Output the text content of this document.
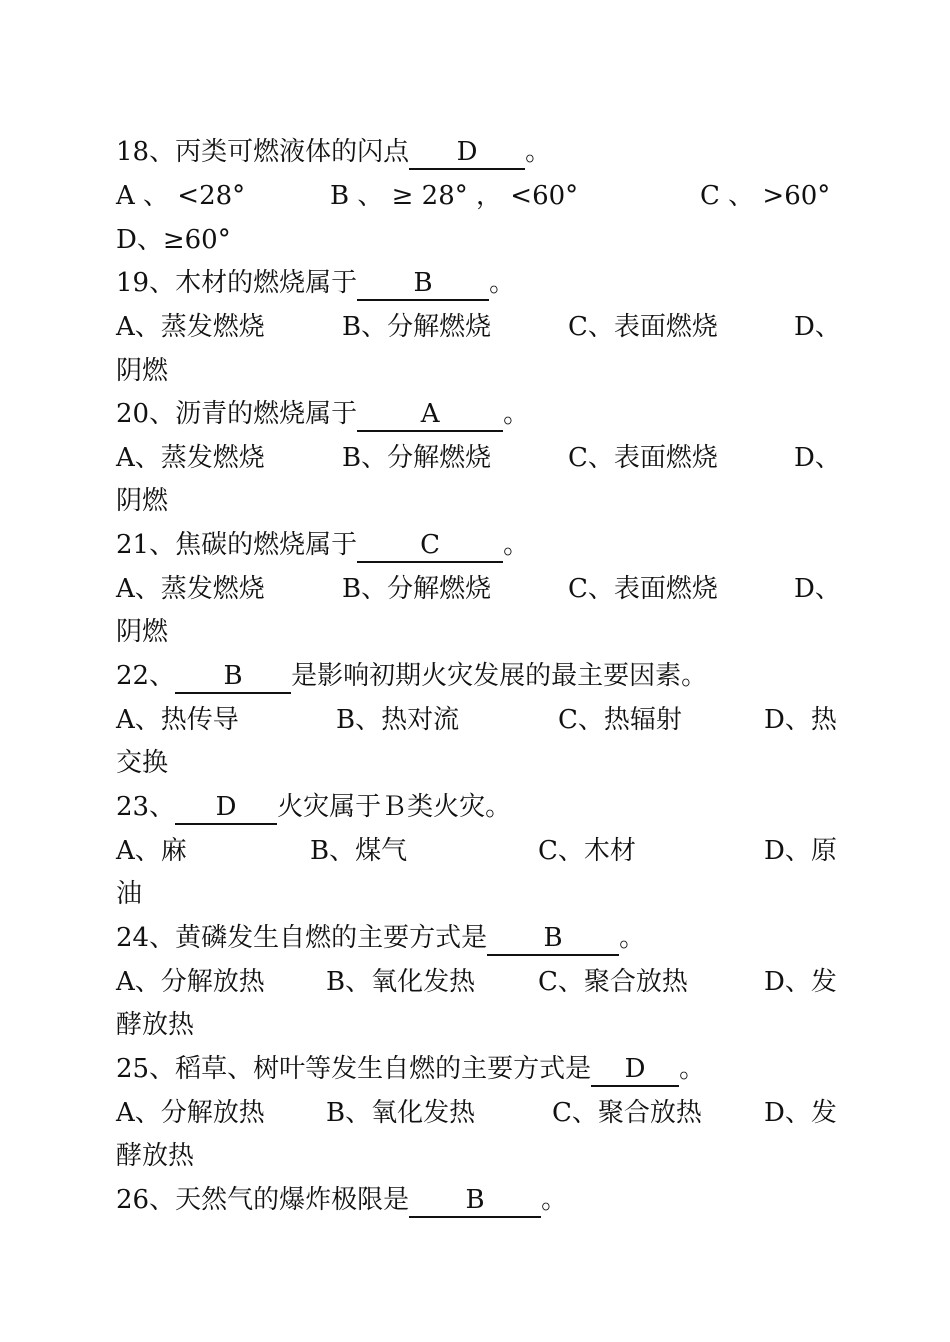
18、丙类可燃液体的闪点 D 。
A 、 <28°	B 、 ≥ 28° ， <60°	C 、 >60°
D、≥60°
19、木材的燃烧属于 B 。
A、蒸发燃烧	B、分解燃烧	C、表面燃烧	D、
阴燃
20、沥青的燃烧属于 A 。
A、蒸发燃烧	B、分解燃烧	C、表面燃烧	D、
阴燃
21、焦碳的燃烧属于 C 。
A、蒸发燃烧	B、分解燃烧	C、表面燃烧	D、
阴燃
22、 B 是影响初期火灾发展的最主要因素。
A、热传导	B、热对流	C、热辐射	D、热
交换
23、 D 火灾属于Ｂ类火灾。
A、麻	B、煤气	C、木材	D、原
油
24、黄磷发生自燃的主要方式是 B 。
A、分解放热 B、氧化发热 C、聚合放热	D、发
酵放热
25、稻草、树叶等发生自燃的主要方式是 D 。
A、分解放热 B、氧化发热	C、聚合放热 D、发
酵放热
26、天然气的爆炸极限是 B 。
